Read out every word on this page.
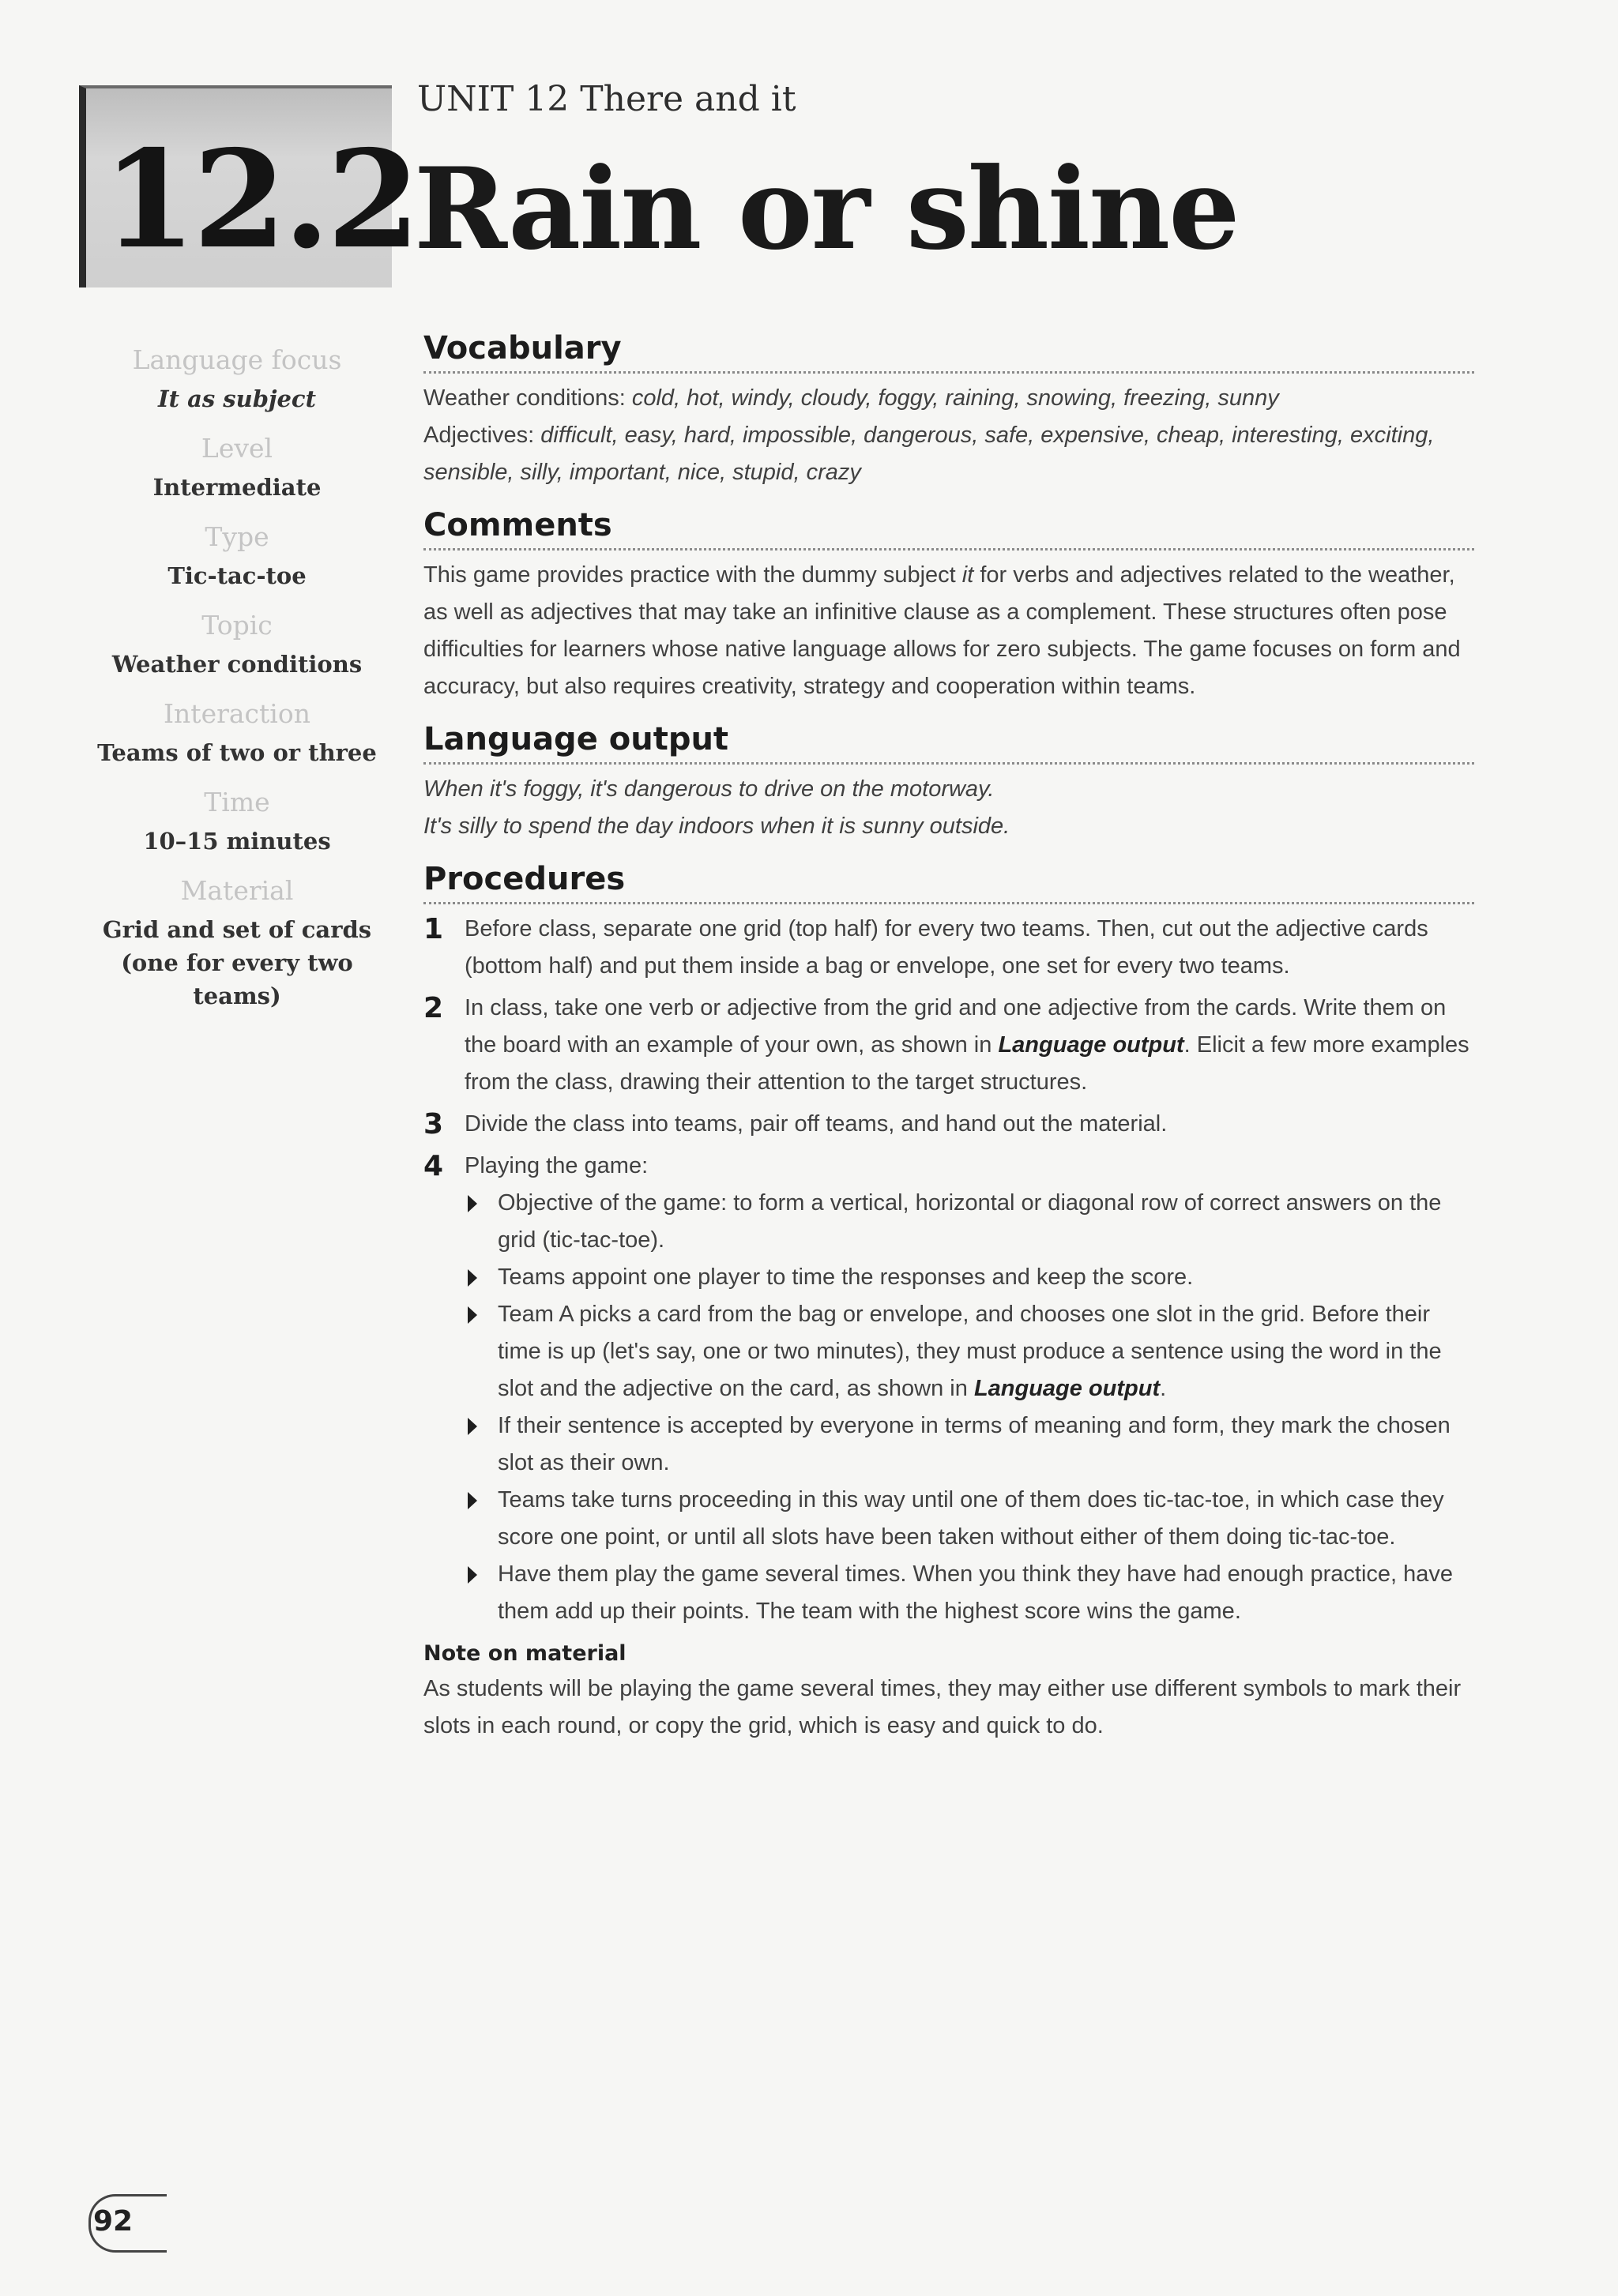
12.2
UNIT 12 There and it
Rain or shine
Language focus
It as subject
Level
Intermediate
Type
Tic-tac-toe
Topic
Weather conditions
Interaction
Teams of two or three
Time
10–15 minutes
Material
Grid and set of cards (one for every two teams)
Vocabulary

Weather conditions: cold, hot, windy, cloudy, foggy, raining, snowing, freezing, sunny

Adjectives: difficult, easy, hard, impossible, dangerous, safe, expensive, cheap, interesting, exciting, sensible, silly, important, nice, stupid, crazy

Comments

This game provides practice with the dummy subject it for verbs and adjectives related to the weather, as well as adjectives that may take an infinitive clause as a complement. These structures often pose difficulties for learners whose native language allows for zero subjects. The game focuses on form and accuracy, but also requires creativity, strategy and cooperation within teams.

Language output

When it's foggy, it's dangerous to drive on the motorway.

It's silly to spend the day indoors when it is sunny outside.

Procedures
1 Before class, separate one grid (top half) for every two teams. Then, cut out the adjective cards (bottom half) and put them inside a bag or envelope, one set for every two teams.
2 In class, take one verb or adjective from the grid and one adjective from the cards. Write them on the board with an example of your own, as shown in Language output. Elicit a few more examples from the class, drawing their attention to the target structures.
3 Divide the class into teams, pair off teams, and hand out the material.
4 Playing the game:
Objective of the game: to form a vertical, horizontal or diagonal row of correct answers on the grid (tic-tac-toe).
Teams appoint one player to time the responses and keep the score.
Team A picks a card from the bag or envelope, and chooses one slot in the grid. Before their time is up (let's say, one or two minutes), they must produce a sentence using the word in the slot and the adjective on the card, as shown in Language output.
If their sentence is accepted by everyone in terms of meaning and form, they mark the chosen slot as their own.
Teams take turns proceeding in this way until one of them does tic-tac-toe, in which case they score one point, or until all slots have been taken without either of them doing tic-tac-toe.
Have them play the game several times. When you think they have had enough practice, have them add up their points. The team with the highest score wins the game.
Note on material

As students will be playing the game several times, they may either use different symbols to mark their slots in each round, or copy the grid, which is easy and quick to do.

92
